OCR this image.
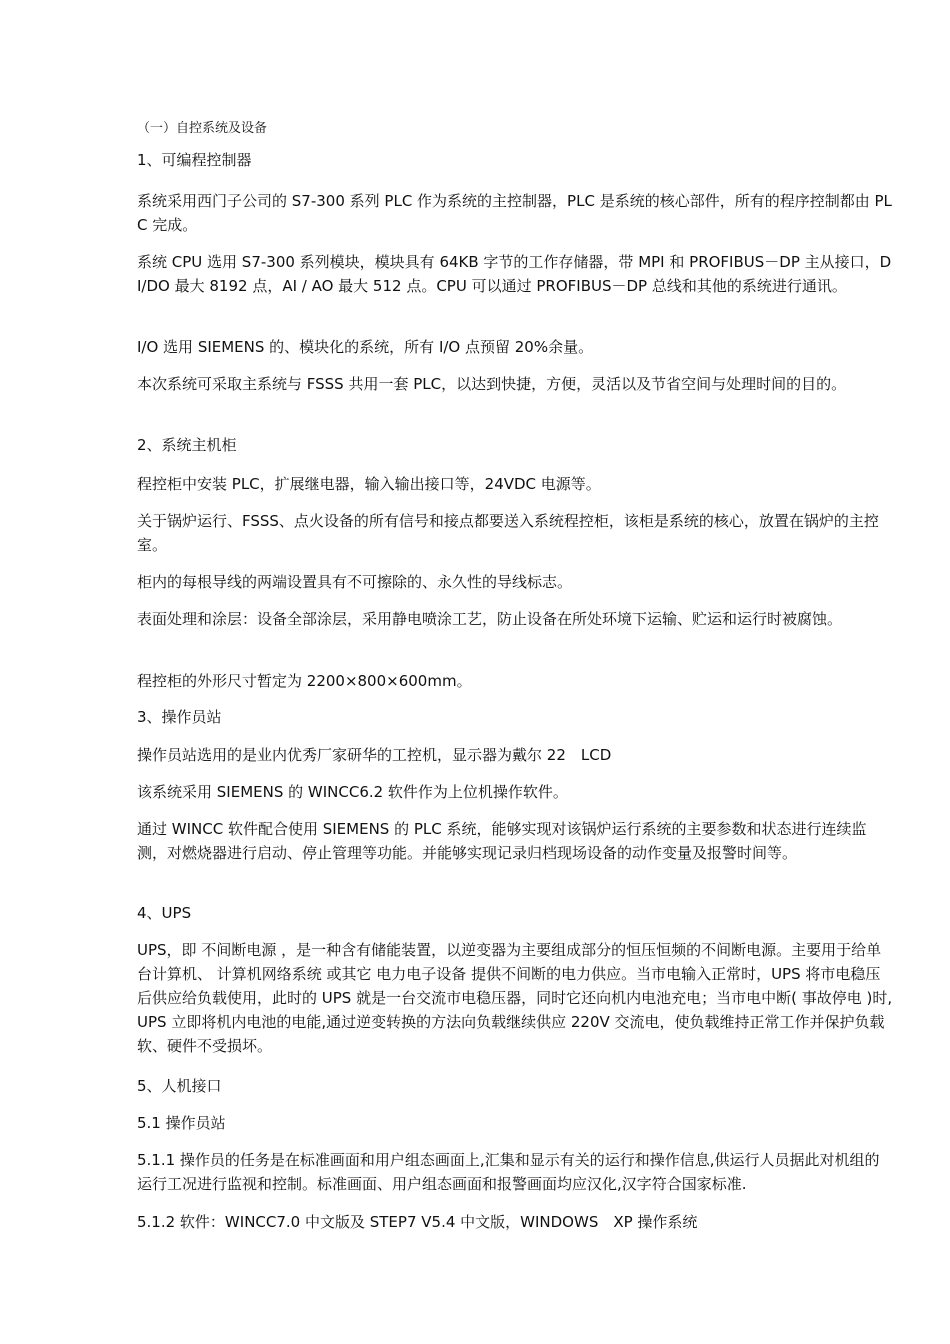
（一）自控系统及设备

1、可编程控制器

系统采用西门子公司的 S7-300 系列 PLC 作为系统的主控制器，PLC 是系统的核心部件，所有的程序控制都由 PLC 完成。

系统 CPU 选用 S7-300 系列模块，模块具有 64KB 字节的工作存储器，带 MPI 和 PROFIBUS－DP 主从接口，DI/DO 最大 8192 点，AI / AO 最大 512 点。CPU 可以通过 PROFIBUS－DP 总线和其他的系统进行通讯。

I/O 选用 SIEMENS 的、模块化的系统，所有 I/O 点预留 20%余量。

本次系统可采取主系统与 FSSS 共用一套 PLC，以达到快捷，方便，灵活以及节省空间与处理时间的目的。

2、系统主机柜

程控柜中安装 PLC，扩展继电器，输入输出接口等，24VDC 电源等。

关于锅炉运行、FSSS、点火设备的所有信号和接点都要送入系统程控柜，该柜是系统的核心，放置在锅炉的主控室。

柜内的每根导线的两端设置具有不可擦除的、永久性的导线标志。

表面处理和涂层：设备全部涂层，采用静电喷涂工艺，防止设备在所处环境下运输、贮运和运行时被腐蚀。

程控柜的外形尺寸暂定为 2200×800×600mm。

3、操作员站

操作员站选用的是业内优秀厂家研华的工控机，显示器为戴尔 22　LCD

该系统采用 SIEMENS 的 WINCC6.2 软件作为上位机操作软件。

通过 WINCC 软件配合使用 SIEMENS 的 PLC 系统，能够实现对该锅炉运行系统的主要参数和状态进行连续监测，对燃烧器进行启动、停止管理等功能。并能够实现记录归档现场设备的动作变量及报警时间等。

4、UPS

UPS，即 不间断电源 ，是一种含有储能装置，以逆变器为主要组成部分的恒压恒频的不间断电源。主要用于给单台计算机、 计算机网络系统 或其它 电力电子设备 提供不间断的电力供应。当市电输入正常时，UPS 将市电稳压后供应给负载使用，此时的 UPS 就是一台交流市电稳压器，同时它还向机内电池充电；当市电中断( 事故停电 )时, UPS 立即将机内电池的电能,通过逆变转换的方法向负载继续供应 220V 交流电，使负载维持正常工作并保护负载软、硬件不受损坏。

5、人机接口

5.1 操作员站

5.1.1 操作员的任务是在标准画面和用户组态画面上,汇集和显示有关的运行和操作信息,供运行人员据此对机组的运行工况进行监视和控制。标准画面、用户组态画面和报警画面均应汉化,汉字符合国家标准.

5.1.2 软件：WINCC7.0 中文版及 STEP7 V5.4 中文版，WINDOWS　XP 操作系统
